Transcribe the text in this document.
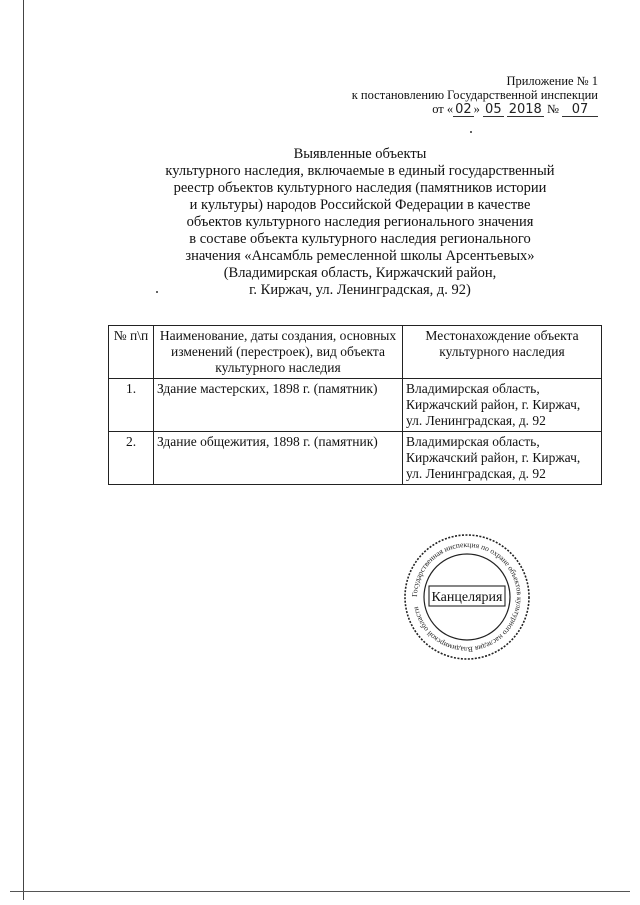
Приложение № 1
к постановлению Государственной инспекции
от « 02 » 05 2018 № 07
Выявленные объекты
культурного наследия, включаемые в единый государственный
реестр объектов культурного наследия (памятников истории
и культуры) народов Российской Федерации в качестве
объектов культурного наследия регионального значения
в составе объекта культурного наследия регионального
значения «Ансамбль ремесленной школы Арсентьевых»
(Владимирская область, Киржачский район,
г. Киржач, ул. Ленинградская, д. 92)
№ п\п	Наименование, даты создания, основных изменений (перестроек), вид объекта культурного наследия	Местонахождение объекта культурного наследия
1.	Здание мастерских, 1898 г. (памятник)	Владимирская область, Киржачский район, г. Киржач, ул. Ленинградская, д. 92
2.	Здание общежития, 1898 г. (памятник)	Владимирская область, Киржачский район, г. Киржач, ул. Ленинградская, д. 92
Государственная инспекция по охране объектов культурного наследия Владимирской области
Канцелярия
